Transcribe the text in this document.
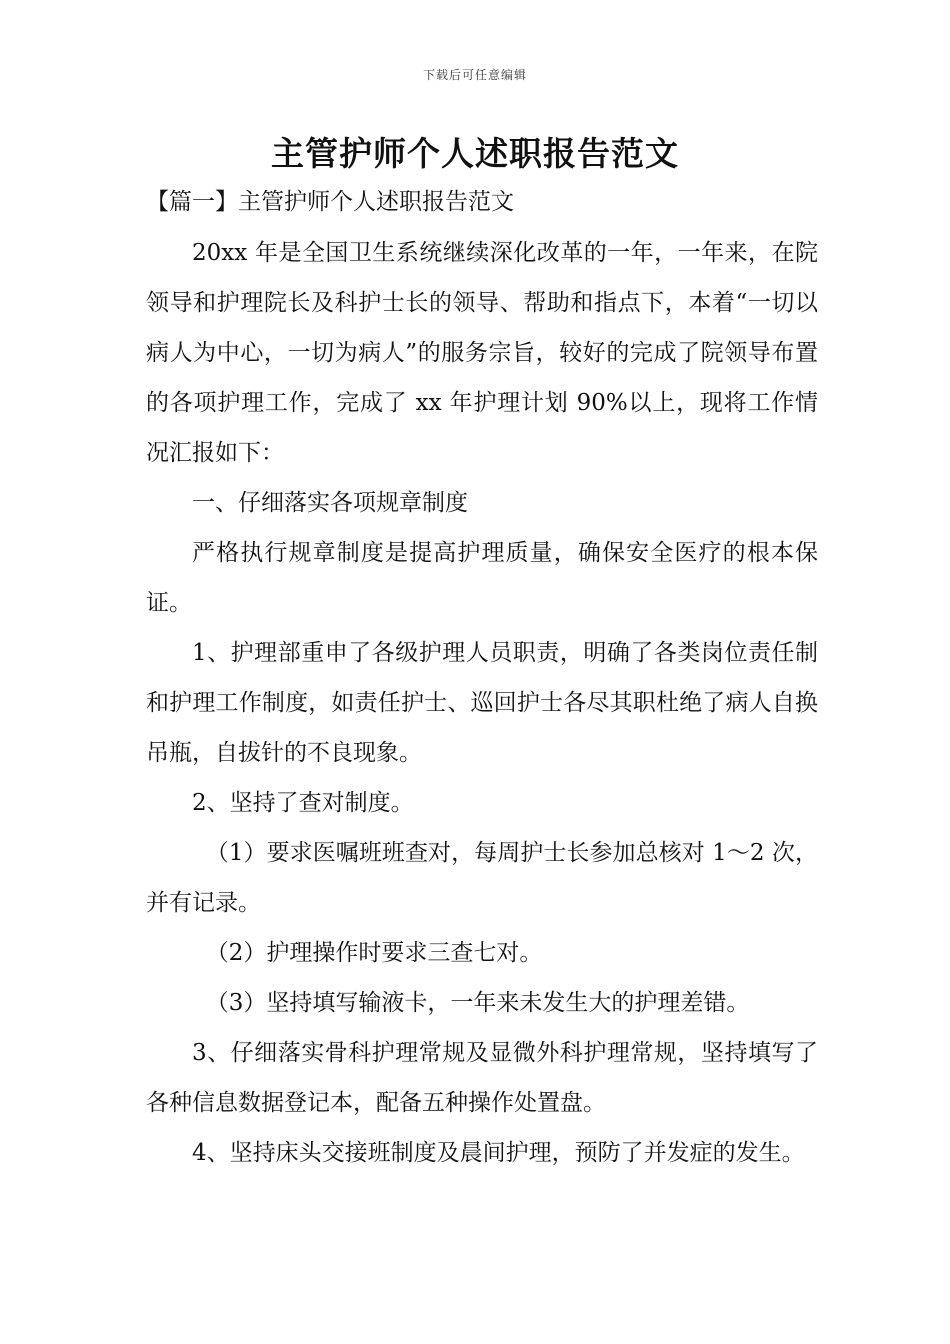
下载后可任意编辑
主管护师个人述职报告范文
【篇一】主管护师个人述职报告范文

20xx 年是全国卫生系统继续深化改革的一年，一年来，在院领导和护理院长及科护士长的领导、帮助和指点下，本着“一切以病人为中心，一切为病人”的服务宗旨，较好的完成了院领导布置的各项护理工作，完成了 xx 年护理计划 90%以上，现将工作情况汇报如下：

一、仔细落实各项规章制度

严格执行规章制度是提高护理质量，确保安全医疗的根本保证。

1、护理部重申了各级护理人员职责，明确了各类岗位责任制和护理工作制度，如责任护士、巡回护士各尽其职杜绝了病人自换吊瓶，自拔针的不良现象。

2、坚持了查对制度。

（1）要求医嘱班班查对，每周护士长参加总核对 1～2 次，并有记录。

（2）护理操作时要求三查七对。

（3）坚持填写输液卡，一年来未发生大的护理差错。

3、仔细落实骨科护理常规及显微外科护理常规，坚持填写了各种信息数据登记本，配备五种操作处置盘。

4、坚持床头交接班制度及晨间护理，预防了并发症的发生。
